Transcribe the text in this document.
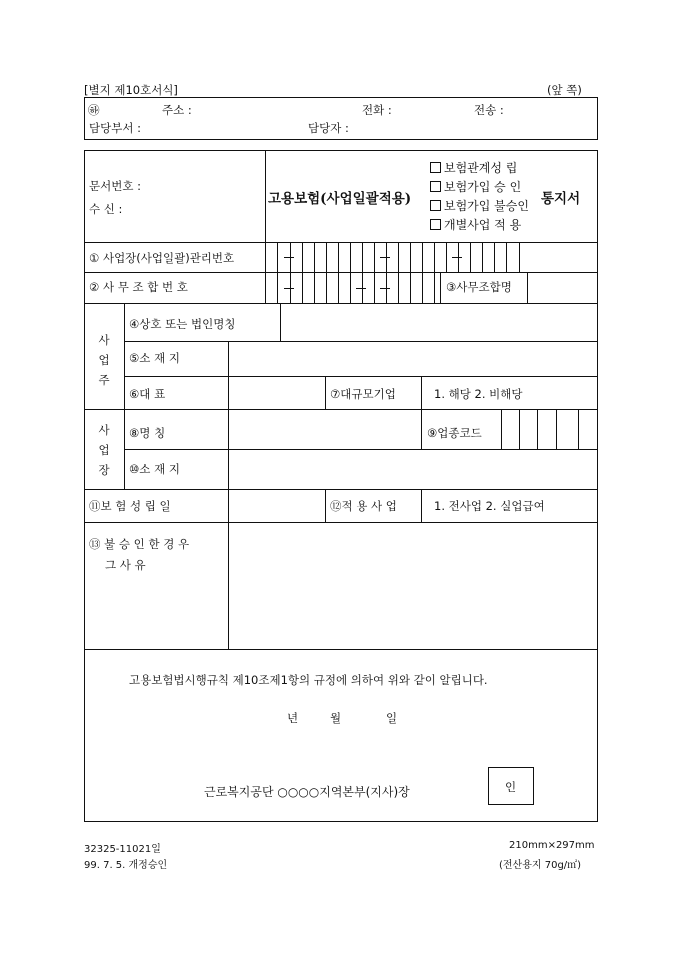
[별지 제10호서식]	(앞 쪽)
㉻	주소 :	전화 :	전송 :
담당부서 :	담당자 :
문서번호 :
수 신 :
고용보험(사업일괄적용)
보험관계성 립
보험가입 승 인
보험가입 불승인
개별사업 적 용
통지서
① 사업장(사업일괄)관리번호
② 사 무 조 합 번 호	③사무조합명
사 업 주
④상호 또는 법인명칭
⑤소 재 지
⑥대 표	⑦대규모기업	1. 해당 2. 비해당
사 업 장
⑧명 칭	⑨업종코드
⑩소 재 지
⑪보 험 성 립 일	⑫적 용 사 업	1. 전사업 2. 실업급여
⑬ 불 승 인 한 경 우
그 사 유
고용보험법시행규칙 제10조제1항의 규정에 의하여 위와 같이 알립니다.
년	월	일
근로복지공단 ○○○○지역본부(지사)장	인
32325-11021일
99. 7. 5. 개정승인
210mm×297mm
(전산용지 70g/㎡)
